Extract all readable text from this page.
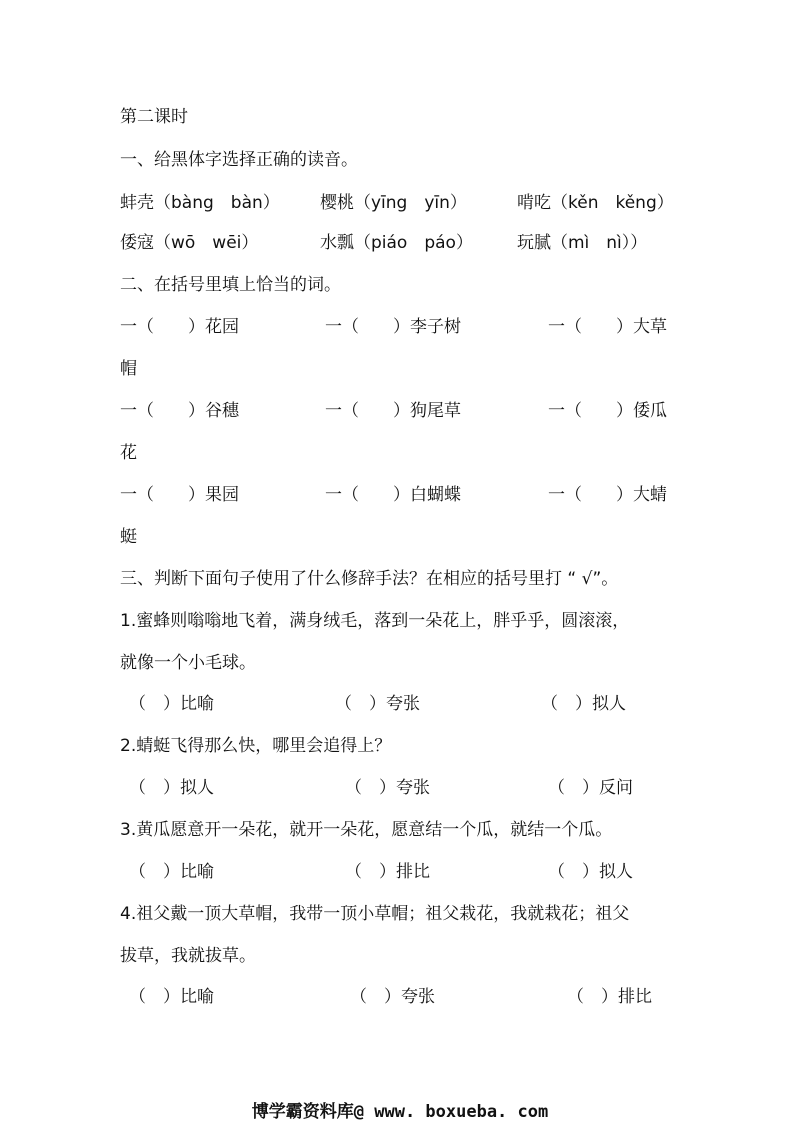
第二课时
一、给黑体字选择正确的读音。
蚌壳（bàng　bàn） 樱桃（yīng　yīn）	啃吃（kěn　kěng）
倭寇（wō　wēi）	水瓢（piáo　páo）	玩腻（mì　nì））
二、在括号里填上恰当的词。
一（　　）花园	一（　　）李子树	一（　　）大草
帽
一（　　）谷穗	一（　　）狗尾草	一（　　）倭瓜
花
一（　　）果园	一（　　）白蝴蝶	一（　　）大蜻
蜓
三、判断下面句子使用了什么修辞手法？在相应的括号里打 “ √”。
1.蜜蜂则嗡嗡地飞着，满身绒毛，落到一朵花上，胖乎乎，圆滚滚，
就像一个小毛球。
（　）比喻	（　）夸张	（　）拟人
2.蜻蜓飞得那么快，哪里会追得上？
（　）拟人	（　）夸张	（　）反问
3.黄瓜愿意开一朵花，就开一朵花，愿意结一个瓜，就结一个瓜。
（　）比喻	（　）排比	（　）拟人
4.祖父戴一顶大草帽，我带一顶小草帽；祖父栽花，我就栽花；祖父
拔草，我就拔草。
（　）比喻	（　）夸张	（　）排比
博学霸资料库@ www. boxueba. com
